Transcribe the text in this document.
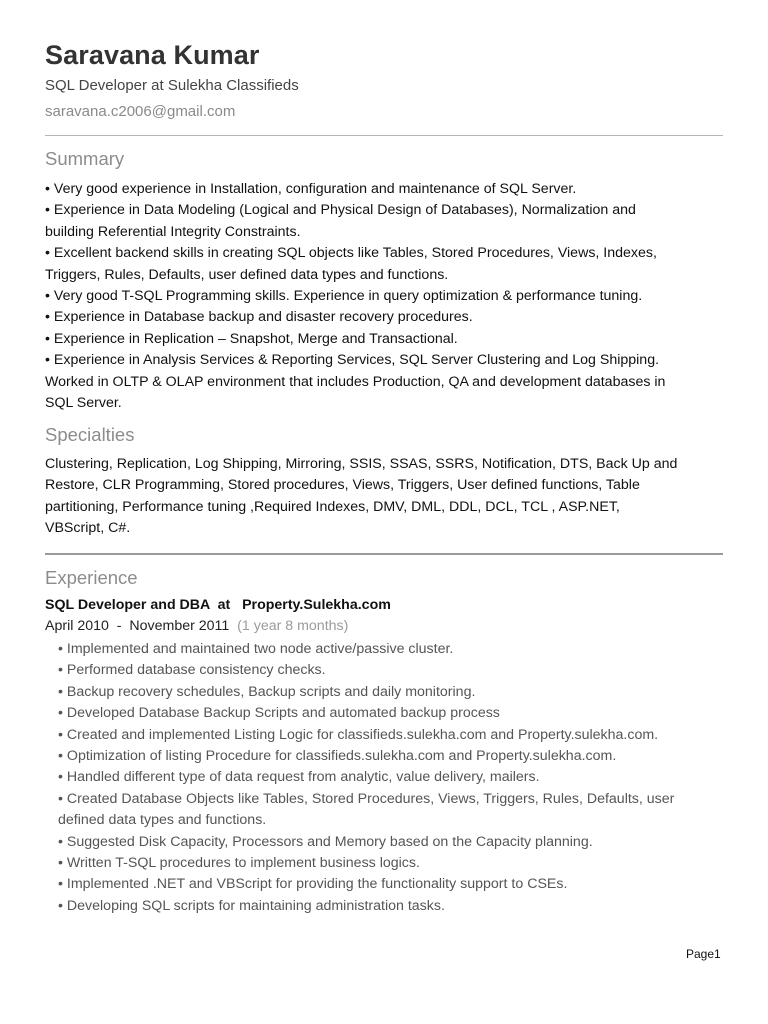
Saravana Kumar
SQL Developer at Sulekha Classifieds
saravana.c2006@gmail.com
Summary
• Very good experience in Installation, configuration and maintenance of SQL Server.
• Experience in Data Modeling (Logical and Physical Design of Databases), Normalization and
building Referential Integrity Constraints.
• Excellent backend skills in creating SQL objects like Tables, Stored Procedures, Views, Indexes,
Triggers, Rules, Defaults, user defined data types and functions.
• Very good T-SQL Programming skills. Experience in query optimization & performance tuning.
• Experience in Database backup and disaster recovery procedures.
• Experience in Replication – Snapshot, Merge and Transactional.
• Experience in Analysis Services & Reporting Services, SQL Server Clustering and Log Shipping.
Worked in OLTP & OLAP environment that includes Production, QA and development databases in
SQL Server.
Specialties
Clustering, Replication, Log Shipping, Mirroring, SSIS, SSAS, SSRS, Notification, DTS, Back Up and
Restore, CLR Programming, Stored procedures, Views, Triggers, User defined functions, Table
partitioning, Performance tuning ,Required Indexes, DMV, DML, DDL, DCL, TCL , ASP.NET,
VBScript, C#.
Experience
SQL Developer and DBA  at   Property.Sulekha.com
April 2010  -  November 2011 (1 year 8 months)
• Implemented and maintained two node active/passive cluster.
• Performed database consistency checks.
• Backup recovery schedules, Backup scripts and daily monitoring.
• Developed Database Backup Scripts and automated backup process
• Created and implemented Listing Logic for classifieds.sulekha.com and Property.sulekha.com.
• Optimization of listing Procedure for classifieds.sulekha.com and Property.sulekha.com.
• Handled different type of data request from analytic, value delivery, mailers.
• Created Database Objects like Tables, Stored Procedures, Views, Triggers, Rules, Defaults, user
defined data types and functions.
• Suggested Disk Capacity, Processors and Memory based on the Capacity planning.
• Written T-SQL procedures to implement business logics.
• Implemented .NET and VBScript for providing the functionality support to CSEs.
• Developing SQL scripts for maintaining administration tasks.
Page1
